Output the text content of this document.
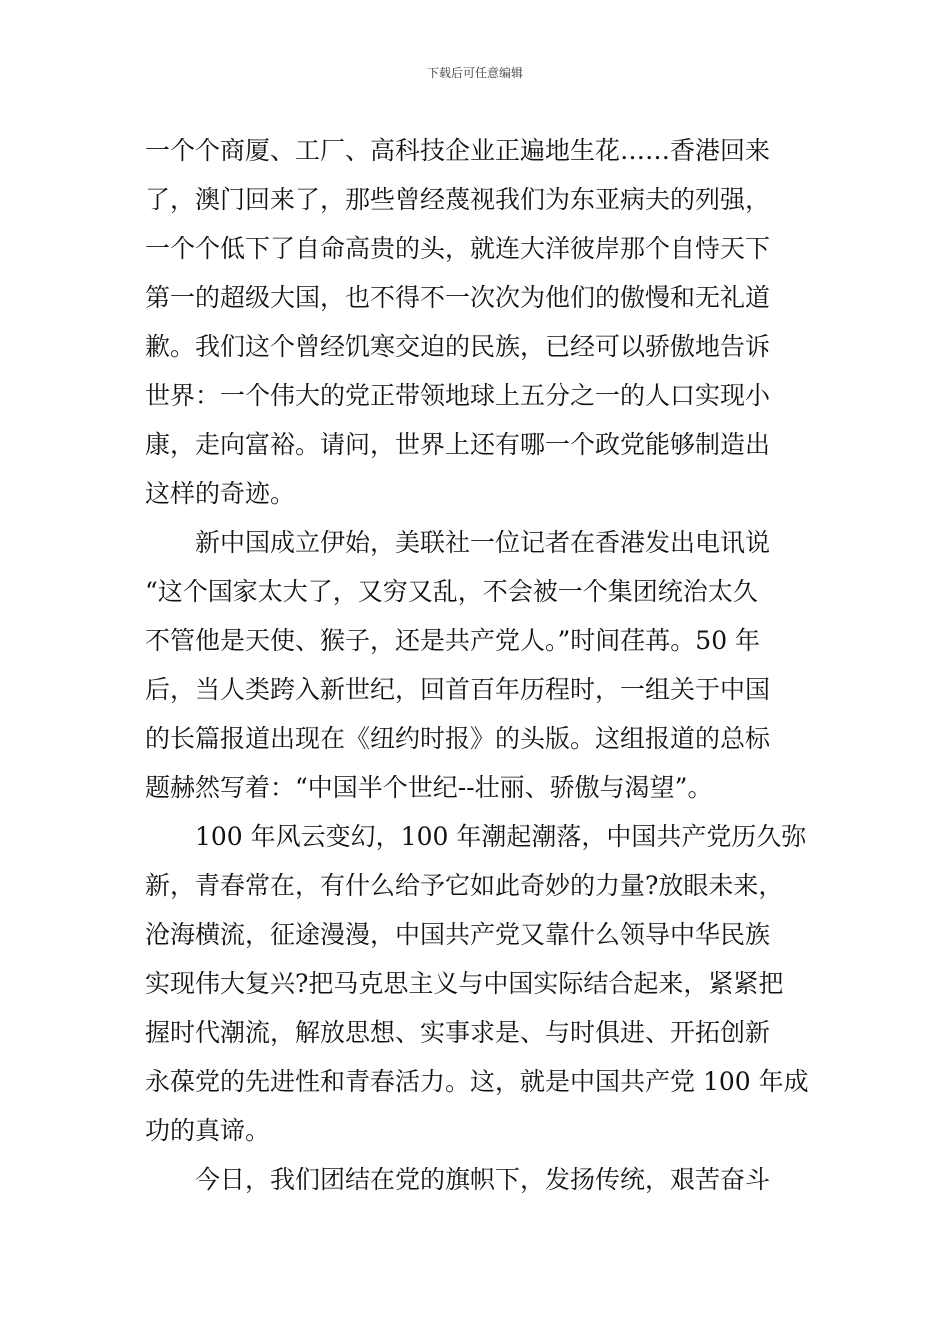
下载后可任意编辑
一个个商厦、工厂、高科技企业正遍地生花……香港回来
了，澳门回来了，那些曾经蔑视我们为东亚病夫的列强，
一个个低下了自命高贵的头，就连大洋彼岸那个自恃天下
第一的超级大国，也不得不一次次为他们的傲慢和无礼道
歉。我们这个曾经饥寒交迫的民族，已经可以骄傲地告诉
世界：一个伟大的党正带领地球上五分之一的人口实现小
康，走向富裕。请问，世界上还有哪一个政党能够制造出
这样的奇迹。
新中国成立伊始，美联社一位记者在香港发出电讯说
“这个国家太大了，又穷又乱，不会被一个集团统治太久
不管他是天使、猴子，还是共产党人。”时间荏苒。50 年
后，当人类跨入新世纪，回首百年历程时，一组关于中国
的长篇报道出现在《纽约时报》的头版。这组报道的总标
题赫然写着：“中国半个世纪--壮丽、骄傲与渴望”。
100 年风云变幻，100 年潮起潮落，中国共产党历久弥
新，青春常在，有什么给予它如此奇妙的力量?放眼未来，
沧海横流，征途漫漫，中国共产党又靠什么领导中华民族
实现伟大复兴?把马克思主义与中国实际结合起来，紧紧把
握时代潮流，解放思想、实事求是、与时俱进、开拓创新
永葆党的先进性和青春活力。这，就是中国共产党 100 年成
功的真谛。
今日，我们团结在党的旗帜下，发扬传统，艰苦奋斗
